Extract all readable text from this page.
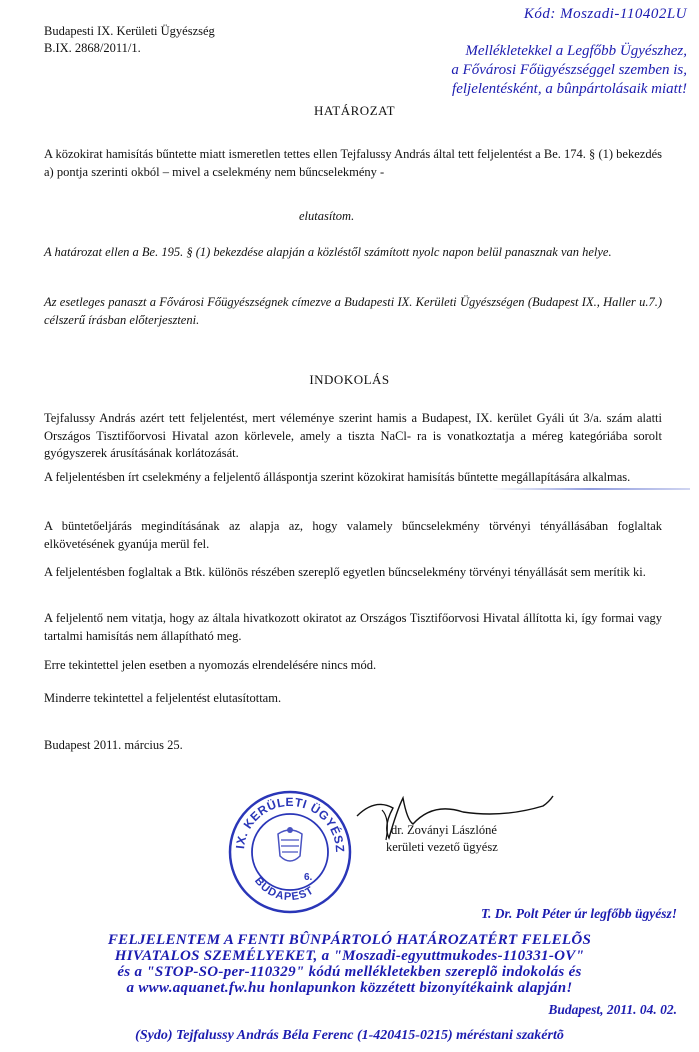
Budapesti IX. Kerületi Ügyészség
B.IX. 2868/2011/1.
Kód: Moszadi-110402LU
Mellékletekkel a Legfőbb Ügyészhez,
a Fővárosi Főügyészséggel szemben is,
feljelentésként, a bûnpártolásaik miatt!
HATÁROZAT

A közokirat hamisítás bűntette miatt ismeretlen tettes ellen Tejfalussy András által tett feljelentést a Be. 174. § (1) bekezdés a) pontja szerinti okból – mivel a cselekmény nem bűncselekmény -

elutasítom.

A határozat ellen a Be. 195. § (1) bekezdése alapján a közléstől számított nyolc napon belül panasznak van helye.

Az esetleges panaszt a Fővárosi Főügyészségnek címezve a Budapesti IX. Kerületi Ügyészségen (Budapest IX., Haller u.7.) célszerű írásban előterjeszteni.

INDOKOLÁS

Tejfalussy András azért tett feljelentést, mert véleménye szerint hamis a Budapest, IX. kerület Gyáli út 3/a. szám alatti Országos Tisztifőorvosi Hivatal azon körlevele, amely a tiszta NaCl- ra is vonatkoztatja a méreg kategóriába sorolt gyógyszerek árusításának korlátozását.

A feljelentésben írt cselekmény a feljelentő álláspontja szerint közokirat hamisítás bűntette megállapítására alkalmas.

A büntetőeljárás megindításának az alapja az, hogy valamely bűncselekmény törvényi tényállásában foglaltak elkövetésének gyanúja merül fel.

A feljelentésben foglaltak a Btk. különös részében szereplő egyetlen bűncselekmény törvényi tényállását sem merítik ki.

A feljelentő nem vitatja, hogy az általa hivatkozott okiratot az Országos Tisztifőorvosi Hivatal állította ki, így formai vagy tartalmi hamisítás nem állapítható meg.

Erre tekintettel jelen esetben a nyomozás elrendelésére nincs mód.

Minderre tekintettel a feljelentést elutasítottam.

Budapest 2011. március 25.
IX. KERÜLETI ÜGYÉSZ
BUDAPEST
6.
dr. Zoványi Lászlóné
kerületi vezető ügyész
T. Dr. Polt Péter úr legfőbb ügyész!
FELJELENTEM A FENTI BÛNPÁRTOLÓ HATÁROZATÉRT FELELÕS
HIVATALOS SZEMÉLYEKET, a "Moszadi-egyuttmukodes-110331-OV"
és a "STOP-SO-per-110329" kódú mellékletekben szereplõ indokolás és
a www.aquanet.fw.hu honlapunkon közzétett bizonyítékaink alapján!
Budapest, 2011. 04. 02.
(Sydo) Tejfalussy András Béla Ferenc (1-420415-0215) méréstani szakértõ
